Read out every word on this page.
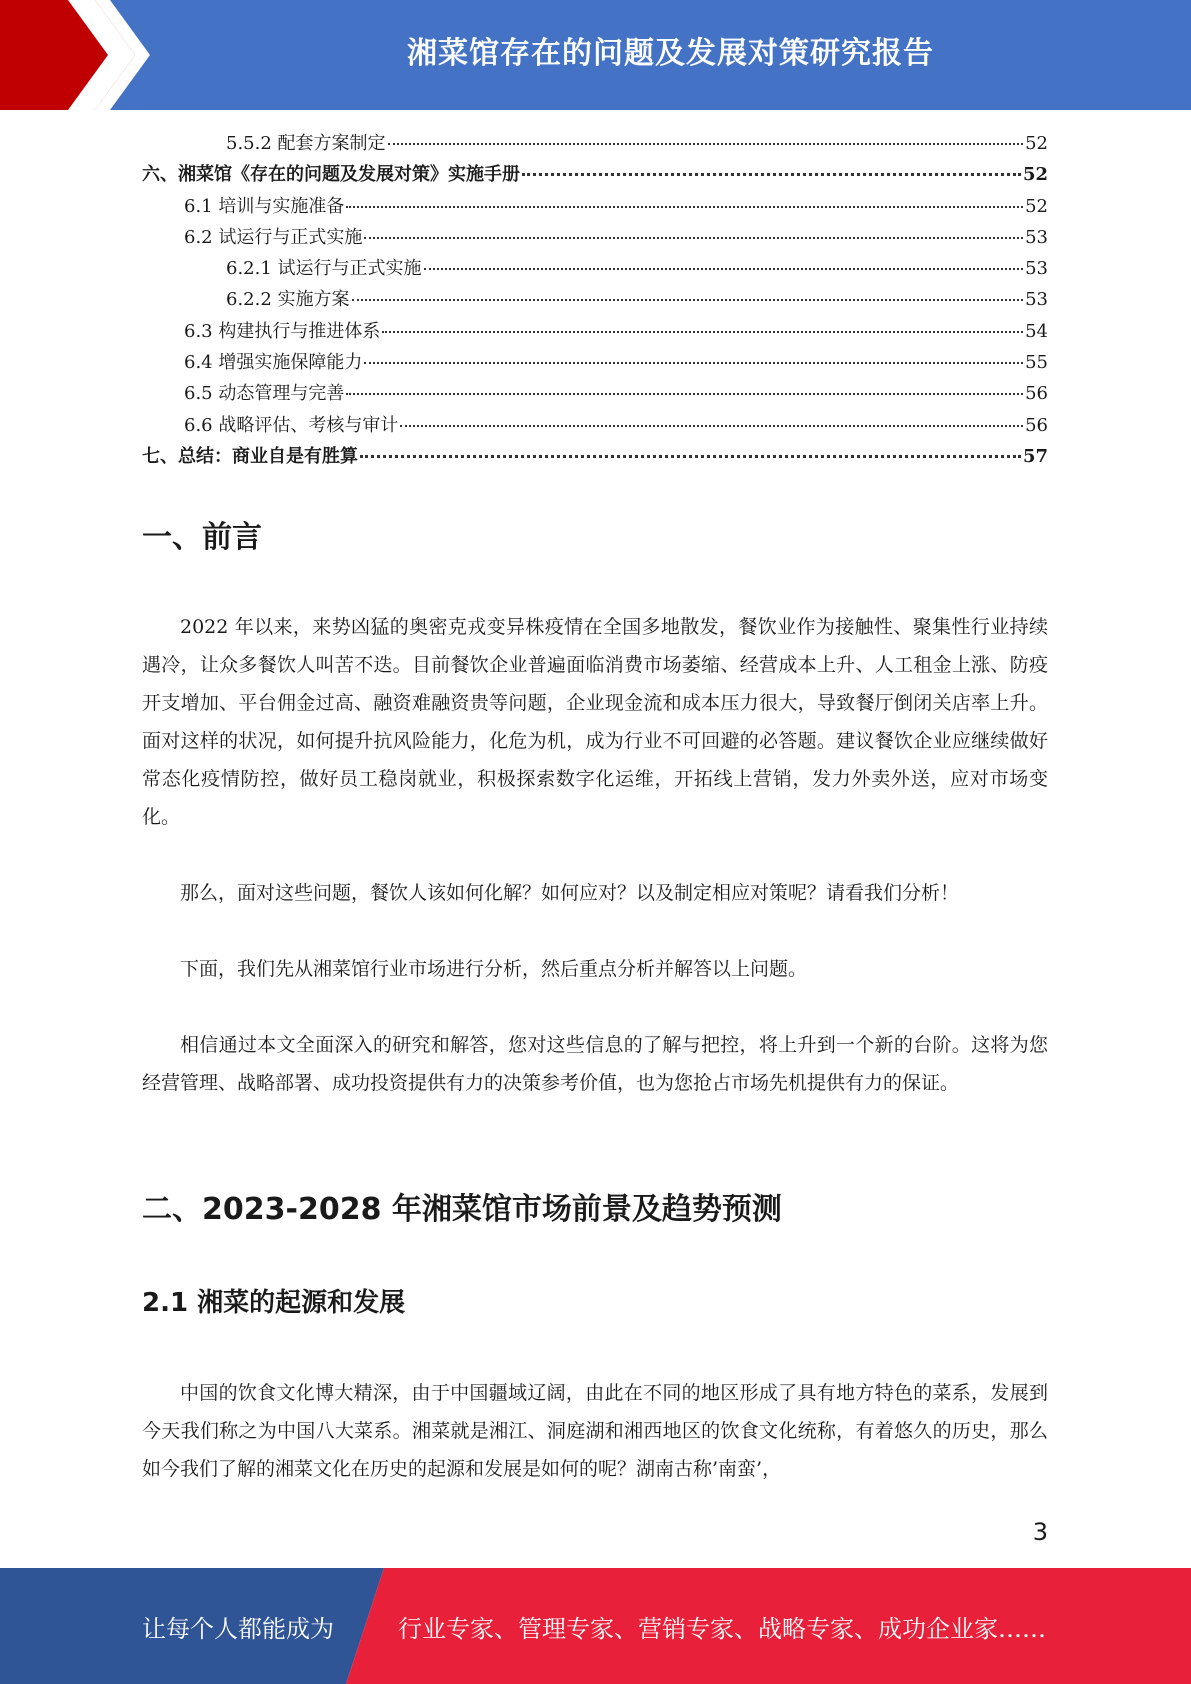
湘菜馆存在的问题及发展对策研究报告
5.5.2 配套方案制定	52
六、湘菜馆《存在的问题及发展对策》实施手册	52
6.1 培训与实施准备	52
6.2 试运行与正式实施	53
6.2.1 试运行与正式实施	53
6.2.2 实施方案	53
6.3 构建执行与推进体系	54
6.4 增强实施保障能力	55
6.5 动态管理与完善	56
6.6 战略评估、考核与审计	56
七、总结：商业自是有胜算	57
一、前言
2022 年以来，来势凶猛的奥密克戎变异株疫情在全国多地散发，餐饮业作为接触性、聚集性行业持续遇冷，让众多餐饮人叫苦不迭。目前餐饮企业普遍面临消费市场萎缩、经营成本上升、人工租金上涨、防疫开支增加、平台佣金过高、融资难融资贵等问题，企业现金流和成本压力很大，导致餐厅倒闭关店率上升。面对这样的状况，如何提升抗风险能力，化危为机，成为行业不可回避的必答题。建议餐饮企业应继续做好常态化疫情防控，做好员工稳岗就业，积极探索数字化运维，开拓线上营销，发力外卖外送，应对市场变化。
那么，面对这些问题，餐饮人该如何化解？如何应对？以及制定相应对策呢？请看我们分析！
下面，我们先从湘菜馆行业市场进行分析，然后重点分析并解答以上问题。
相信通过本文全面深入的研究和解答，您对这些信息的了解与把控，将上升到一个新的台阶。这将为您经营管理、战略部署、成功投资提供有力的决策参考价值，也为您抢占市场先机提供有力的保证。
二、2023-2028 年湘菜馆市场前景及趋势预测
2.1 湘菜的起源和发展
中国的饮食文化博大精深，由于中国疆域辽阔，由此在不同的地区形成了具有地方特色的菜系，发展到今天我们称之为中国八大菜系。湘菜就是湘江、洞庭湖和湘西地区的饮食文化统称，有着悠久的历史，那么如今我们了解的湘菜文化在历史的起源和发展是如何的呢？湖南古称’南蛮’，
3
让每个人都能成为	行业专家、管理专家、营销专家、战略专家、成功企业家……
